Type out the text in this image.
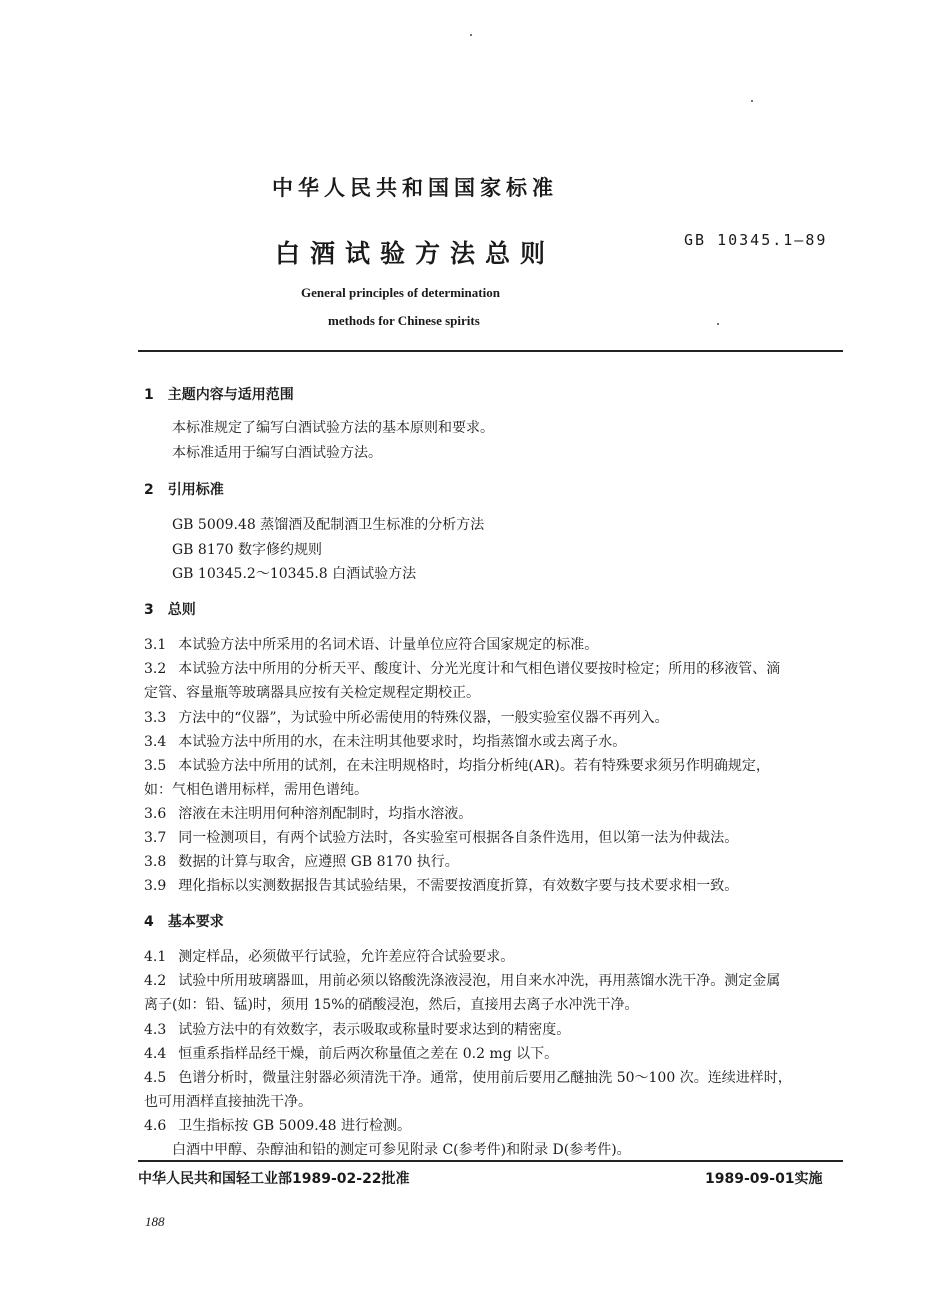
中华人民共和国国家标准
白酒试验方法总则	GB 10345.1—89
General principles of determination
methods for Chinese spirits
1 主题内容与适用范围
本标准规定了编写白酒试验方法的基本原则和要求。
本标准适用于编写白酒试验方法。
2 引用标准
GB 5009.48 蒸馏酒及配制酒卫生标准的分析方法
GB 8170 数字修约规则
GB 10345.2～10345.8 白酒试验方法
3 总则
3.1 本试验方法中所采用的名词术语、计量单位应符合国家规定的标准。
3.2 本试验方法中所用的分析天平、酸度计、分光光度计和气相色谱仪要按时检定；所用的移液管、滴
定管、容量瓶等玻璃器具应按有关检定规程定期校正。
3.3 方法中的“仪器”，为试验中所必需使用的特殊仪器，一般实验室仪器不再列入。
3.4 本试验方法中所用的水，在未注明其他要求时，均指蒸馏水或去离子水。
3.5 本试验方法中所用的试剂，在未注明规格时，均指分析纯(AR)。若有特殊要求须另作明确规定，
如：气相色谱用标样，需用色谱纯。
3.6 溶液在未注明用何种溶剂配制时，均指水溶液。
3.7 同一检测项目，有两个试验方法时，各实验室可根据各自条件选用，但以第一法为仲裁法。
3.8 数据的计算与取舍，应遵照 GB 8170 执行。
3.9 理化指标以实测数据报告其试验结果，不需要按酒度折算，有效数字要与技术要求相一致。
4 基本要求
4.1 测定样品，必须做平行试验，允许差应符合试验要求。
4.2 试验中所用玻璃器皿，用前必须以铬酸洗涤液浸泡，用自来水冲洗，再用蒸馏水洗干净。测定金属
离子(如：铅、锰)时，须用 15%的硝酸浸泡，然后，直接用去离子水冲洗干净。
4.3 试验方法中的有效数字，表示吸取或称量时要求达到的精密度。
4.4 恒重系指样品经干燥，前后两次称量值之差在 0.2 mg 以下。
4.5 色谱分析时，微量注射器必须清洗干净。通常，使用前后要用乙醚抽洗 50～100 次。连续进样时，
也可用酒样直接抽洗干净。
4.6 卫生指标按 GB 5009.48 进行检测。
白酒中甲醇、杂醇油和铅的测定可参见附录 C(参考件)和附录 D(参考件)。
中华人民共和国轻工业部1989-02-22批准	1989-09-01实施
188
